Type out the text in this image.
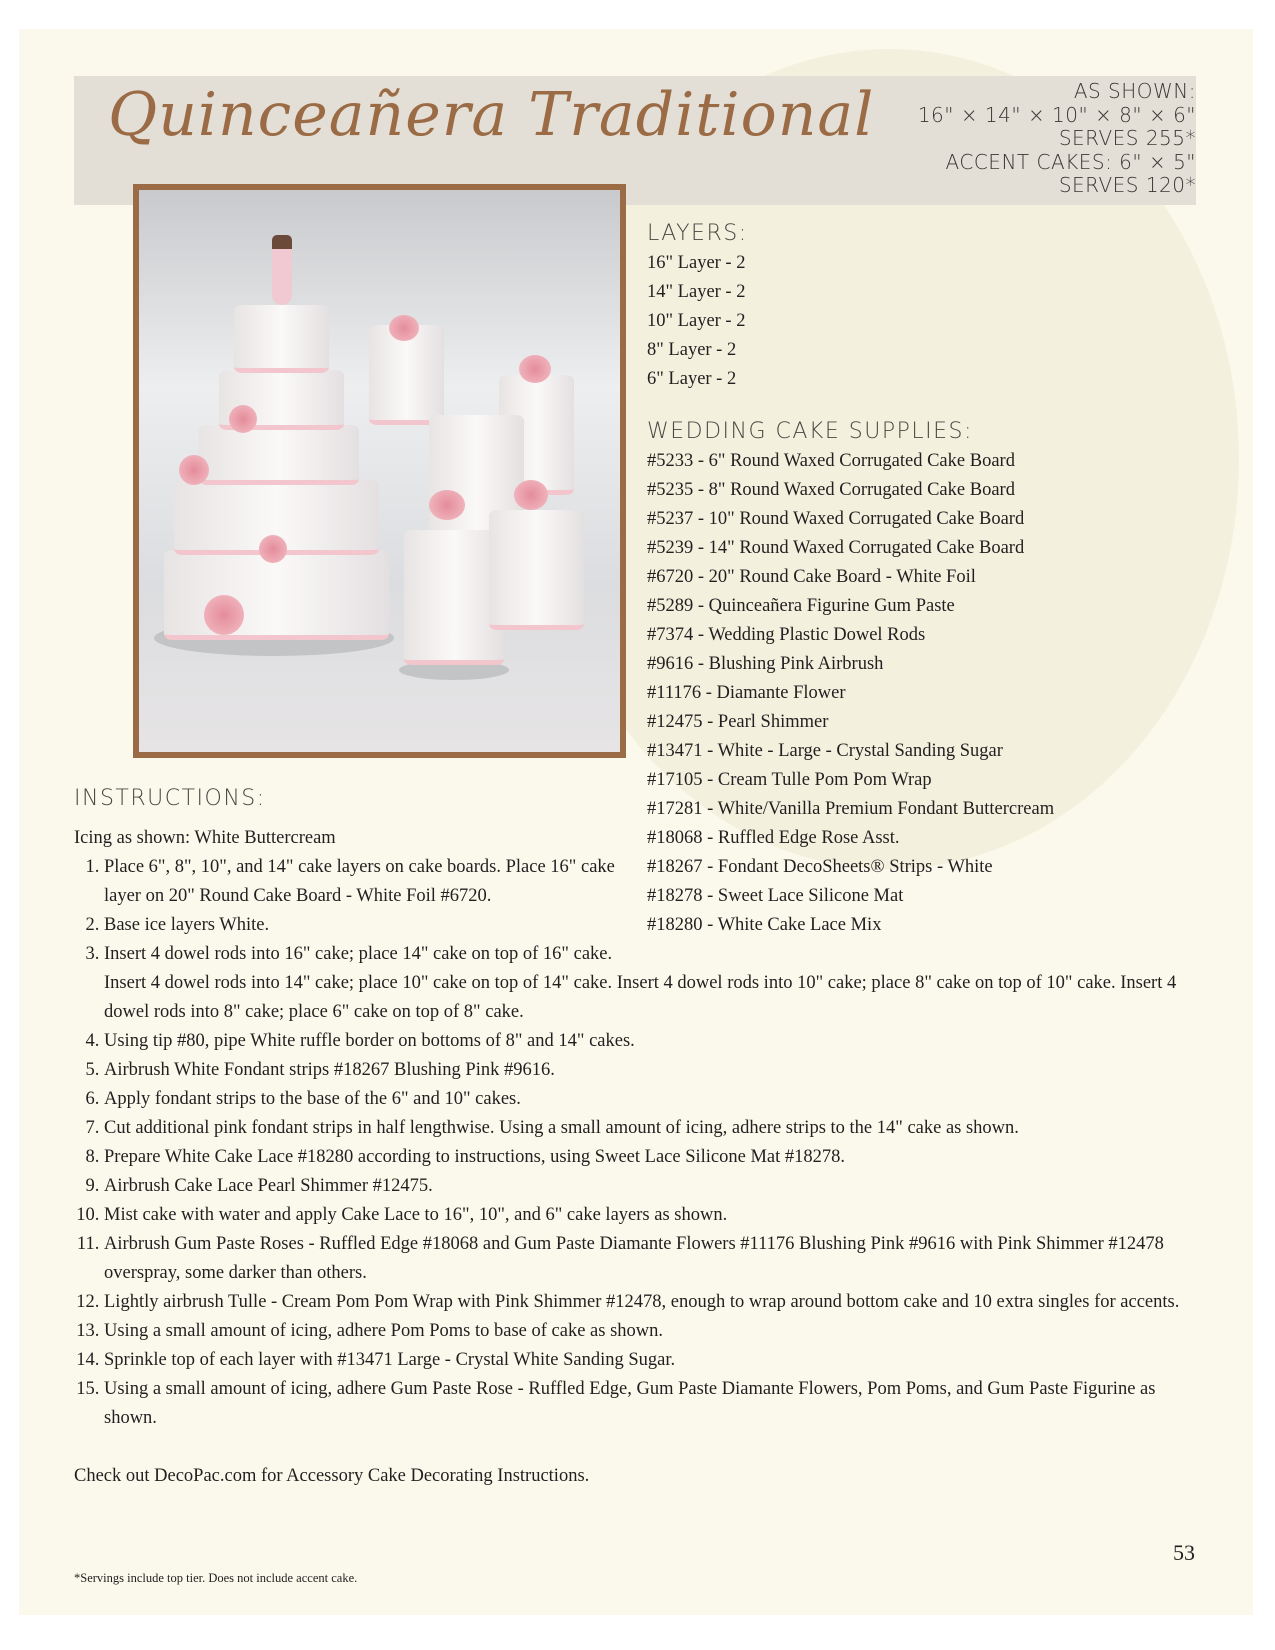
Quinceañera Traditional	AS SHOWN:
16" × 14" × 10" × 8" × 6"
SERVES 255*
ACCENT CAKES: 6" × 5"
SERVES 120*
LAYERS:
16" Layer - 2
14" Layer - 2
10" Layer - 2
8" Layer - 2
6" Layer - 2
WEDDING CAKE SUPPLIES:
#5233 - 6" Round Waxed Corrugated Cake Board
#5235 - 8" Round Waxed Corrugated Cake Board
#5237 - 10" Round Waxed Corrugated Cake Board
#5239 - 14" Round Waxed Corrugated Cake Board
#6720 - 20" Round Cake Board - White Foil
#5289 - Quinceañera Figurine Gum Paste
#7374 - Wedding Plastic Dowel Rods
#9616 - Blushing Pink Airbrush
#11176 - Diamante Flower
#12475 - Pearl Shimmer
#13471 - White - Large - Crystal Sanding Sugar
#17105 - Cream Tulle Pom Pom Wrap
#17281 - White/Vanilla Premium Fondant Buttercream
#18068 - Ruffled Edge Rose Asst.
#18267 - Fondant DecoSheets® Strips - White
#18278 - Sweet Lace Silicone Mat
#18280 - White Cake Lace Mix
INSTRUCTIONS:
Icing as shown: White Buttercream
1. Place 6", 8", 10", and 14" cake layers on cake boards. Place 16" cake layer on 20" Round Cake Board - White Foil #6720.
2. Base ice layers White.
3. Insert 4 dowel rods into 16" cake; place 14" cake on top of 16" cake.
Insert 4 dowel rods into 14" cake; place 10" cake on top of 14" cake. Insert 4 dowel rods into 10" cake; place 8" cake on top of 10" cake. Insert 4 dowel rods into 8" cake; place 6" cake on top of 8" cake.
4. Using tip #80, pipe White ruffle border on bottoms of 8" and 14" cakes.
5. Airbrush White Fondant strips #18267 Blushing Pink #9616.
6. Apply fondant strips to the base of the 6" and 10" cakes.
7. Cut additional pink fondant strips in half lengthwise. Using a small amount of icing, adhere strips to the 14" cake as shown.
8. Prepare White Cake Lace #18280 according to instructions, using Sweet Lace Silicone Mat #18278.
9. Airbrush Cake Lace Pearl Shimmer #12475.
10. Mist cake with water and apply Cake Lace to 16", 10", and 6" cake layers as shown.
11. Airbrush Gum Paste Roses - Ruffled Edge #18068 and Gum Paste Diamante Flowers #11176 Blushing Pink #9616 with Pink Shimmer #12478 overspray, some darker than others.
12. Lightly airbrush Tulle - Cream Pom Pom Wrap with Pink Shimmer #12478, enough to wrap around bottom cake and 10 extra singles for accents.
13. Using a small amount of icing, adhere Pom Poms to base of cake as shown.
14. Sprinkle top of each layer with #13471 Large - Crystal White Sanding Sugar.
15. Using a small amount of icing, adhere Gum Paste Rose - Ruffled Edge, Gum Paste Diamante Flowers, Pom Poms, and Gum Paste Figurine as shown.
Check out DecoPac.com for Accessory Cake Decorating Instructions.
53
*Servings include top tier. Does not include accent cake.
